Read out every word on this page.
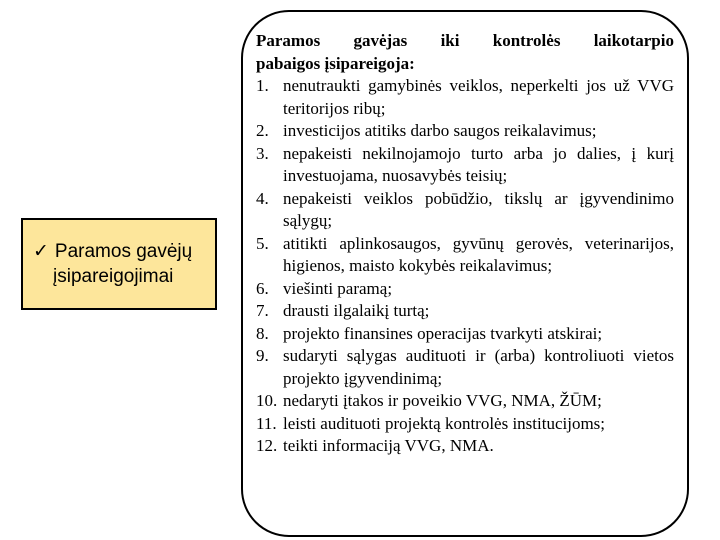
✓ Paramos gavėjų
įsipareigojimai
Paramos gavėjas iki kontrolės laikotarpio
pabaigos įsipareigoja:
1. nenutraukti gamybinės veiklos, neperkelti jos už VVG teritorijos ribų;
2. investicijos atitiks darbo saugos reikalavimus;
3. nepakeisti nekilnojamojo turto arba jo dalies, į kurį investuojama, nuosavybės teisių;
4. nepakeisti veiklos pobūdžio, tikslų ar įgyvendinimo sąlygų;
5. atitikti aplinkosaugos, gyvūnų gerovės, veterinarijos, higienos, maisto kokybės reikalavimus;
6. viešinti paramą;
7. drausti ilgalaikį turtą;
8. projekto finansines operacijas tvarkyti atskirai;
9. sudaryti sąlygas audituoti ir (arba) kontroliuoti vietos projekto įgyvendinimą;
10. nedaryti įtakos ir poveikio VVG, NMA, ŽŪM;
11. leisti audituoti projektą kontrolės institucijoms;
12. teikti informaciją VVG, NMA.
